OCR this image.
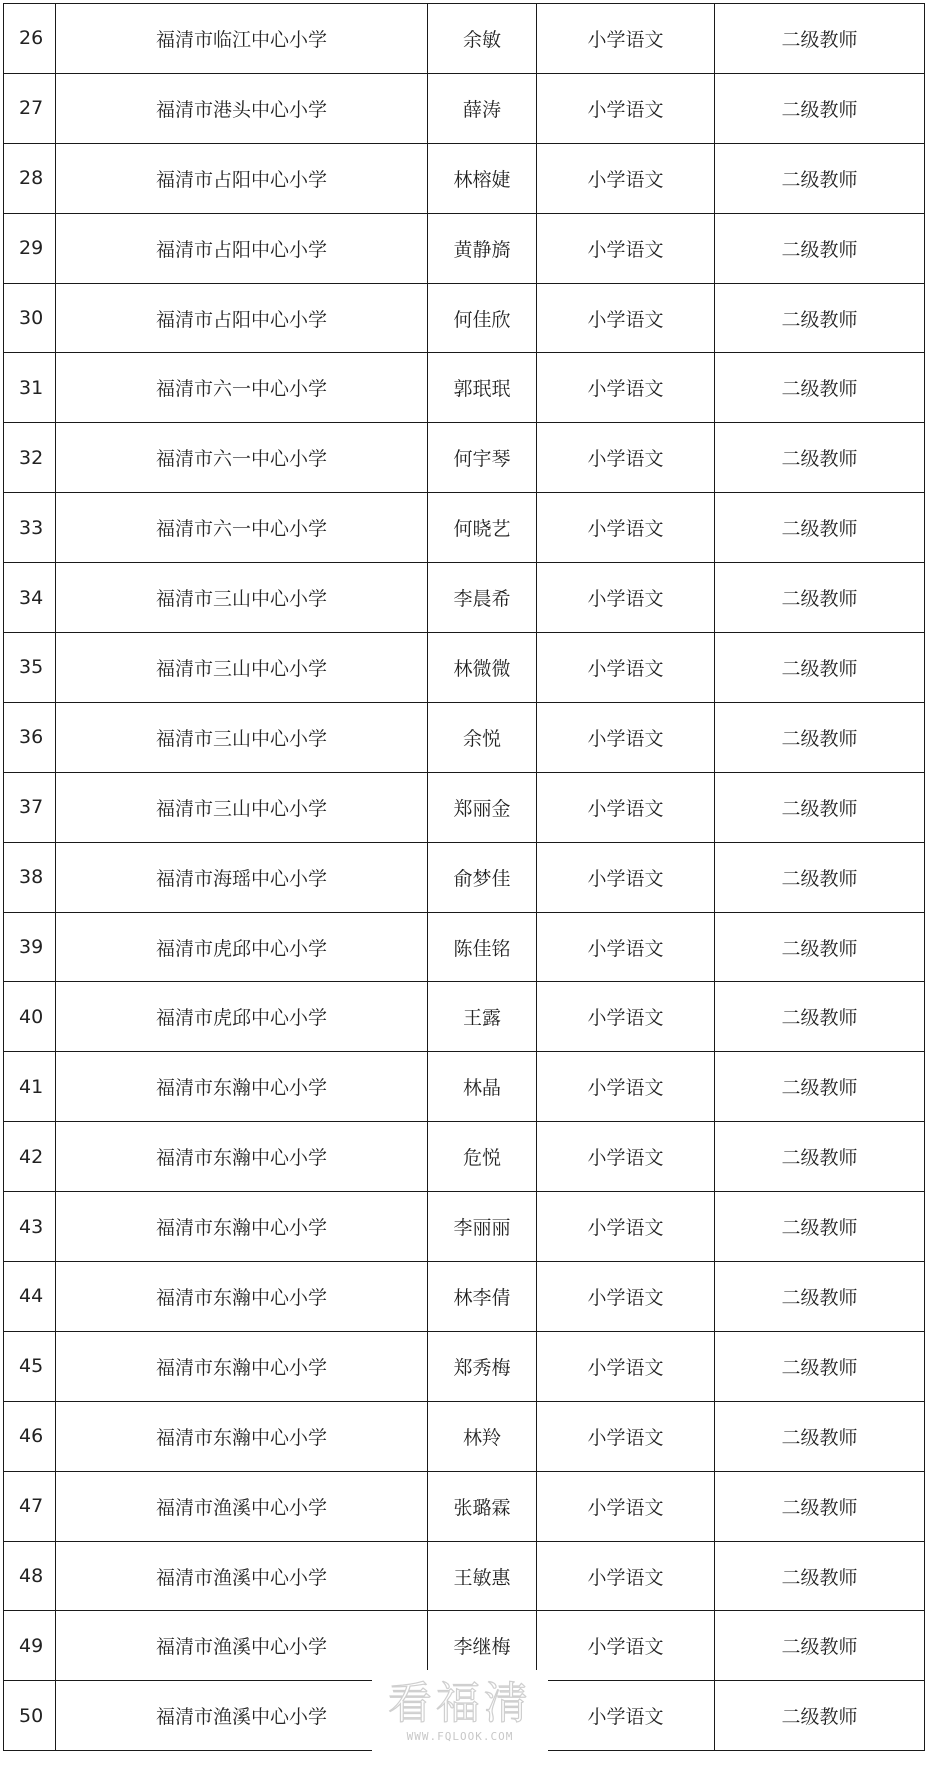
26	福清市临江中心小学	余敏	小学语文	二级教师
27	福清市港头中心小学	薛涛	小学语文	二级教师
28	福清市占阳中心小学	林榕婕	小学语文	二级教师
29	福清市占阳中心小学	黄静旖	小学语文	二级教师
30	福清市占阳中心小学	何佳欣	小学语文	二级教师
31	福清市六一中心小学	郭珉珉	小学语文	二级教师
32	福清市六一中心小学	何宇琴	小学语文	二级教师
33	福清市六一中心小学	何晓艺	小学语文	二级教师
34	福清市三山中心小学	李晨希	小学语文	二级教师
35	福清市三山中心小学	林微微	小学语文	二级教师
36	福清市三山中心小学	余悦	小学语文	二级教师
37	福清市三山中心小学	郑丽金	小学语文	二级教师
38	福清市海瑶中心小学	俞梦佳	小学语文	二级教师
39	福清市虎邱中心小学	陈佳铭	小学语文	二级教师
40	福清市虎邱中心小学	王露	小学语文	二级教师
41	福清市东瀚中心小学	林晶	小学语文	二级教师
42	福清市东瀚中心小学	危悦	小学语文	二级教师
43	福清市东瀚中心小学	李丽丽	小学语文	二级教师
44	福清市东瀚中心小学	林李倩	小学语文	二级教师
45	福清市东瀚中心小学	郑秀梅	小学语文	二级教师
46	福清市东瀚中心小学	林羚	小学语文	二级教师
47	福清市渔溪中心小学	张璐霖	小学语文	二级教师
48	福清市渔溪中心小学	王敏惠	小学语文	二级教师
49	福清市渔溪中心小学	李继梅	小学语文	二级教师
50	福清市渔溪中心小学		小学语文	二级教师
看福清
WWW.FQLOOK.COM
